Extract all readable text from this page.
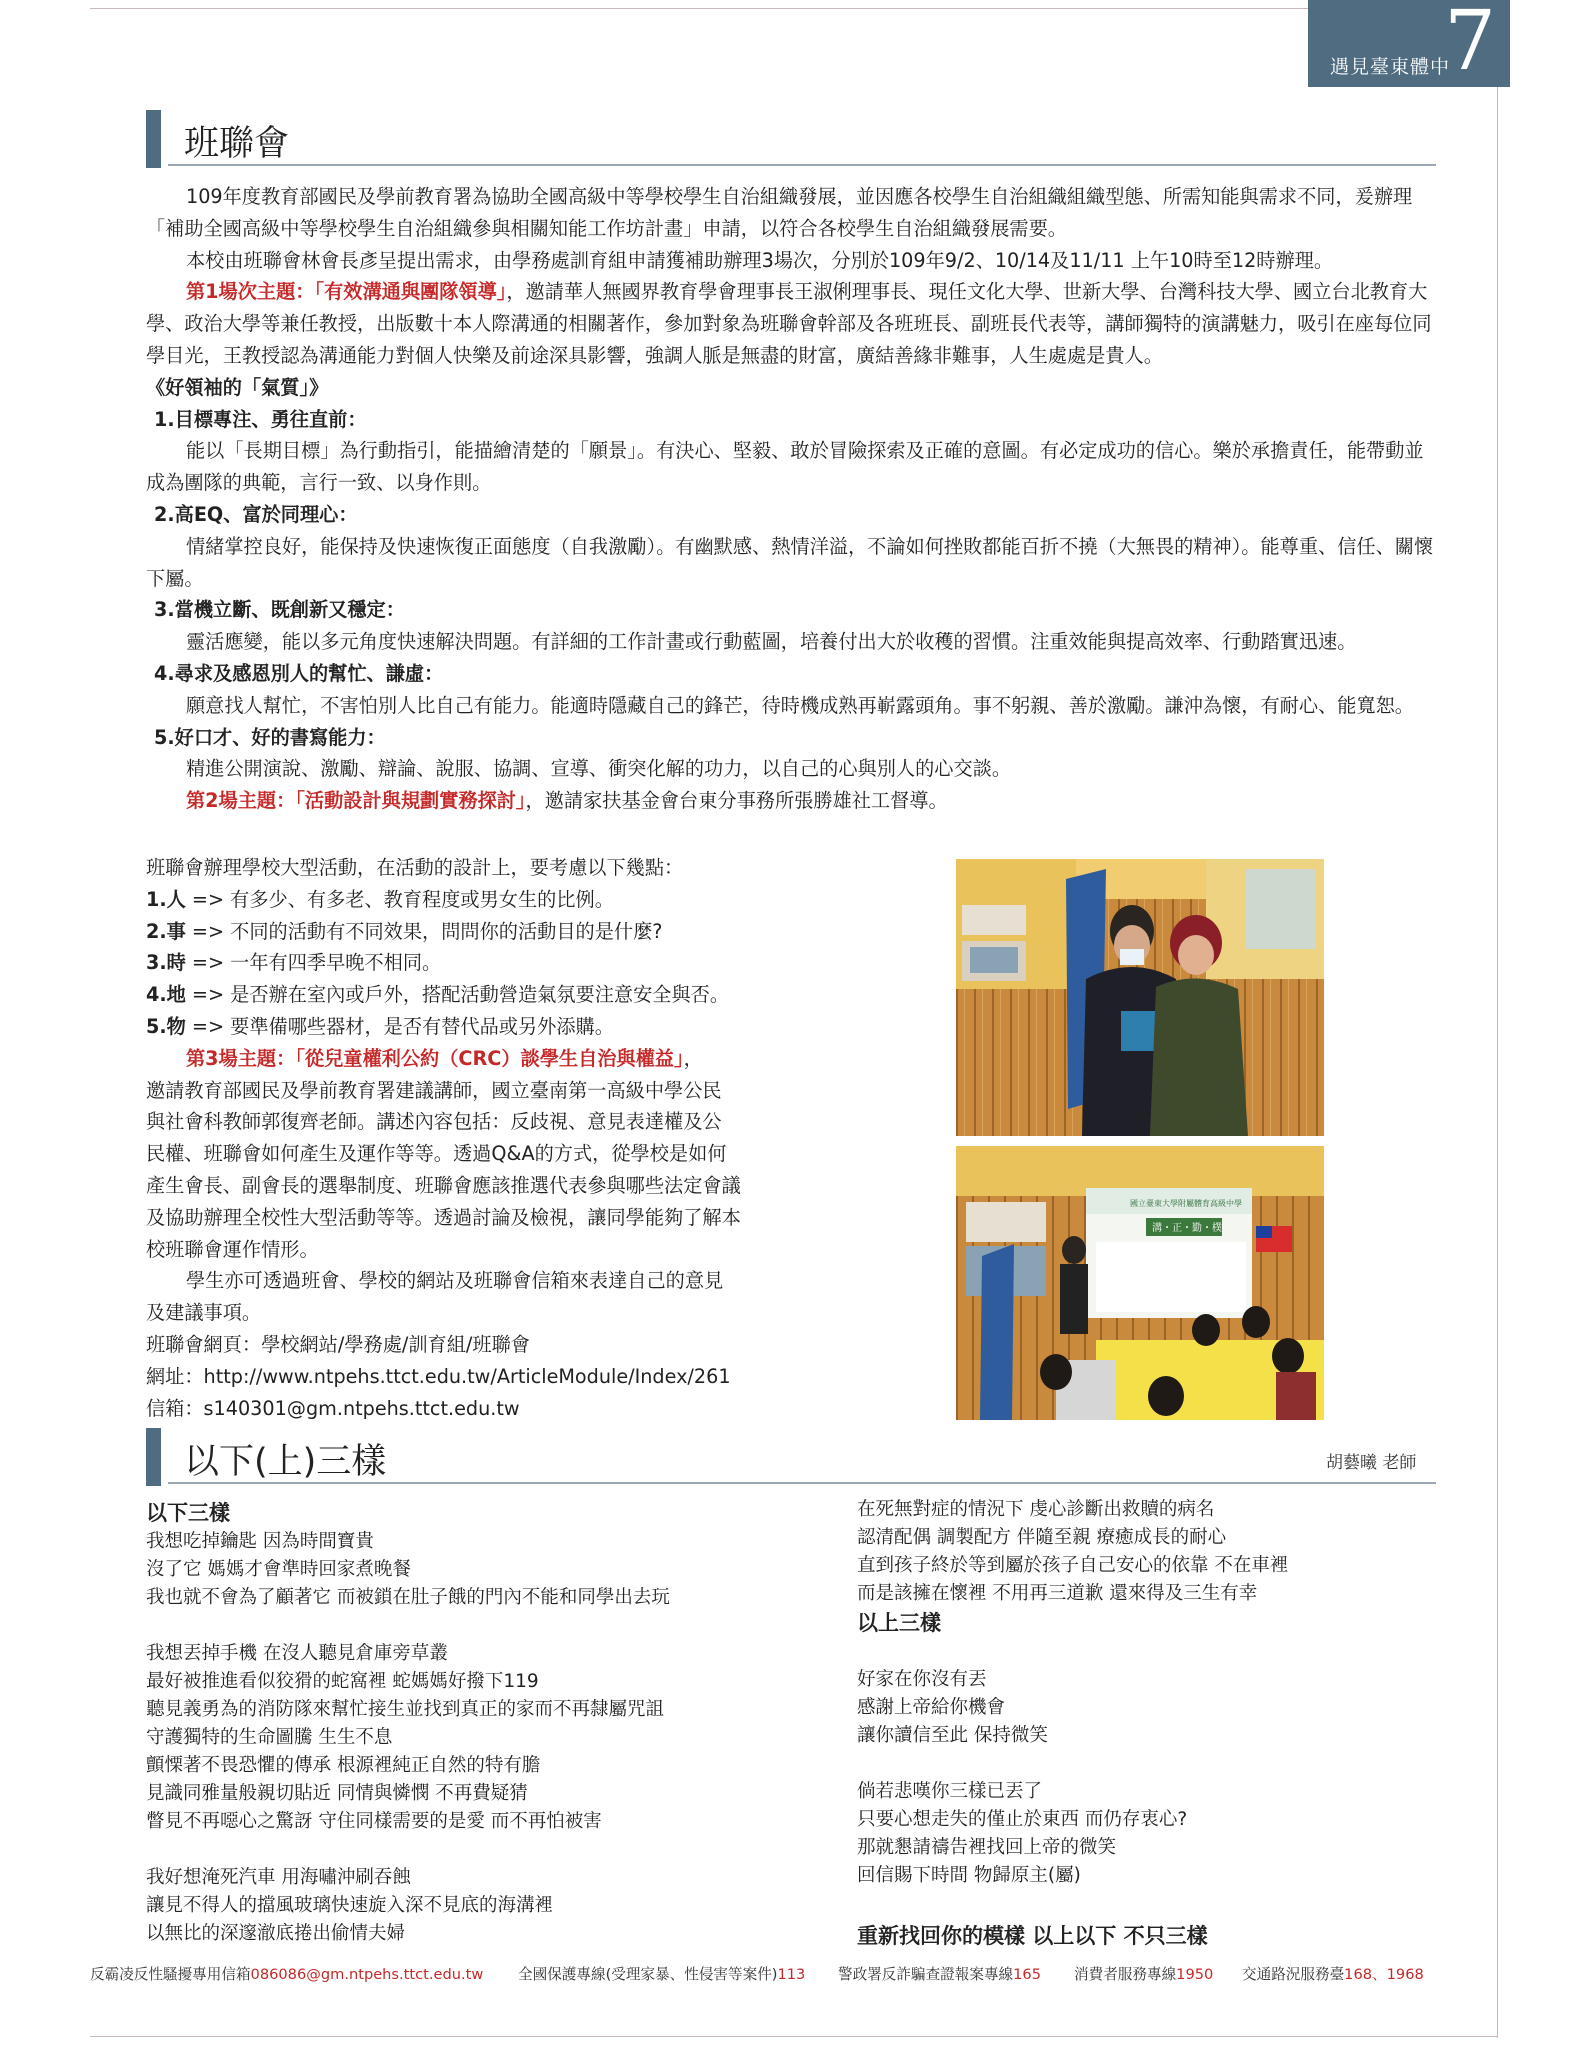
遇見臺東體中
7
班聯會

109年度教育部國民及學前教育署為協助全國高級中等學校學生自治組織發展，並因應各校學生自治組織組織型態、所需知能與需求不同，爰辦理「補助全國高級中等學校學生自治組織參與相關知能工作坊計畫」申請，以符合各校學生自治組織發展需要。

本校由班聯會林會長彥呈提出需求，由學務處訓育組申請獲補助辦理3場次，分別於109年9/2、10/14及11/11 上午10時至12時辦理。

第1場次主題：「有效溝通與團隊領導」，邀請華人無國界教育學會理事長王淑俐理事長、現任文化大學、世新大學、台灣科技大學、國立台北教育大學、政治大學等兼任教授，出版數十本人際溝通的相關著作，參加對象為班聯會幹部及各班班長、副班長代表等，講師獨特的演講魅力，吸引在座每位同學目光，王教授認為溝通能力對個人快樂及前途深具影響，強調人脈是無盡的財富，廣結善緣非難事，人生處處是貴人。

《好領袖的「氣質」》

1.目標專注、勇往直前：

能以「長期目標」為行動指引，能描繪清楚的「願景」。有決心、堅毅、敢於冒險探索及正確的意圖。有必定成功的信心。樂於承擔責任，能帶動並成為團隊的典範，言行一致、以身作則。

2.高EQ、富於同理心：

情緒掌控良好，能保持及快速恢復正面態度（自我激勵）。有幽默感、熱情洋溢，不論如何挫敗都能百折不撓（大無畏的精神）。能尊重、信任、關懷下屬。

3.當機立斷、既創新又穩定：

靈活應變，能以多元角度快速解決問題。有詳細的工作計畫或行動藍圖，培養付出大於收穫的習慣。注重效能與提高效率、行動踏實迅速。

4.尋求及感恩別人的幫忙、謙虛：

願意找人幫忙，不害怕別人比自己有能力。能適時隱藏自己的鋒芒，待時機成熟再嶄露頭角。事不躬親、善於激勵。謙沖為懷，有耐心、能寬恕。

5.好口才、好的書寫能力：

精進公開演說、激勵、辯論、說服、協調、宣導、衝突化解的功力，以自己的心與別人的心交談。

第2場主題：「活動設計與規劃實務探討」，邀請家扶基金會台東分事務所張勝雄社工督導。

班聯會辦理學校大型活動，在活動的設計上，要考慮以下幾點：

1.人 => 有多少、有多老、教育程度或男女生的比例。

2.事 => 不同的活動有不同效果，問問你的活動目的是什麼?

3.時 => 一年有四季早晚不相同。

4.地 => 是否辦在室內或戶外，搭配活動營造氣氛要注意安全與否。

5.物 => 要準備哪些器材，是否有替代品或另外添購。

第3場主題：「從兒童權利公約（CRC）談學生自治與權益」，

邀請教育部國民及學前教育署建議講師，國立臺南第一高級中學公民

與社會科教師郭復齊老師。講述內容包括：反歧視、意見表達權及公

民權、班聯會如何產生及運作等等。透過Q&A的方式，從學校是如何

產生會長、副會長的選舉制度、班聯會應該推選代表參與哪些法定會議

及協助辦理全校性大型活動等等。透過討論及檢視，讓同學能夠了解本

校班聯會運作情形。

學生亦可透過班會、學校的網站及班聯會信箱來表達自己的意見

及建議事項。

班聯會網頁：學校網站/學務處/訓育組/班聯會

網址：http://www.ntpehs.ttct.edu.tw/ArticleModule/Index/261

信箱：s140301@gm.ntpehs.ttct.edu.tw

國立臺東大學附屬體育高級中學
溝・正・勤・樸
以下(上)三樣	胡藝曦 老師

以下三樣

我想吃掉鑰匙 因為時間寶貴

沒了它 媽媽才會準時回家煮晚餐

我也就不會為了顧著它 而被鎖在肚子餓的門內不能和同學出去玩

我想丟掉手機 在沒人聽見倉庫旁草叢

最好被推進看似狡猾的蛇窩裡 蛇媽媽好撥下119

聽見義勇為的消防隊來幫忙接生並找到真正的家而不再隸屬咒詛

守護獨特的生命圖騰 生生不息

顫慄著不畏恐懼的傳承 根源裡純正自然的特有膽

見識同雅量般親切貼近 同情與憐憫 不再費疑猜

瞥見不再噁心之驚訝 守住同樣需要的是愛 而不再怕被害

我好想淹死汽車 用海嘯沖刷吞蝕

讓見不得人的擋風玻璃快速旋入深不見底的海溝裡

以無比的深邃澈底捲出偷情夫婦

在死無對症的情況下 虔心診斷出救贖的病名

認清配偶 調製配方 伴隨至親 療癒成長的耐心

直到孩子終於等到屬於孩子自己安心的依靠 不在車裡

而是該擁在懷裡 不用再三道歉 還來得及三生有幸

以上三樣

好家在你沒有丟

感謝上帝給你機會

讓你讀信至此 保持微笑

倘若悲嘆你三樣已丟了

只要心想走失的僅止於東西 而仍存衷心?

那就懇請禱告裡找回上帝的微笑

回信賜下時間 物歸原主(屬)

重新找回你的模樣 以上以下 不只三樣

反霸凌反性騷擾專用信箱086086@gm.ntpehs.ttct.edu.tw 全國保護專線(受理家暴、性侵害等案件)113 警政署反詐騙查證報案專線165 消費者服務專線1950 交通路況服務臺168、1968
